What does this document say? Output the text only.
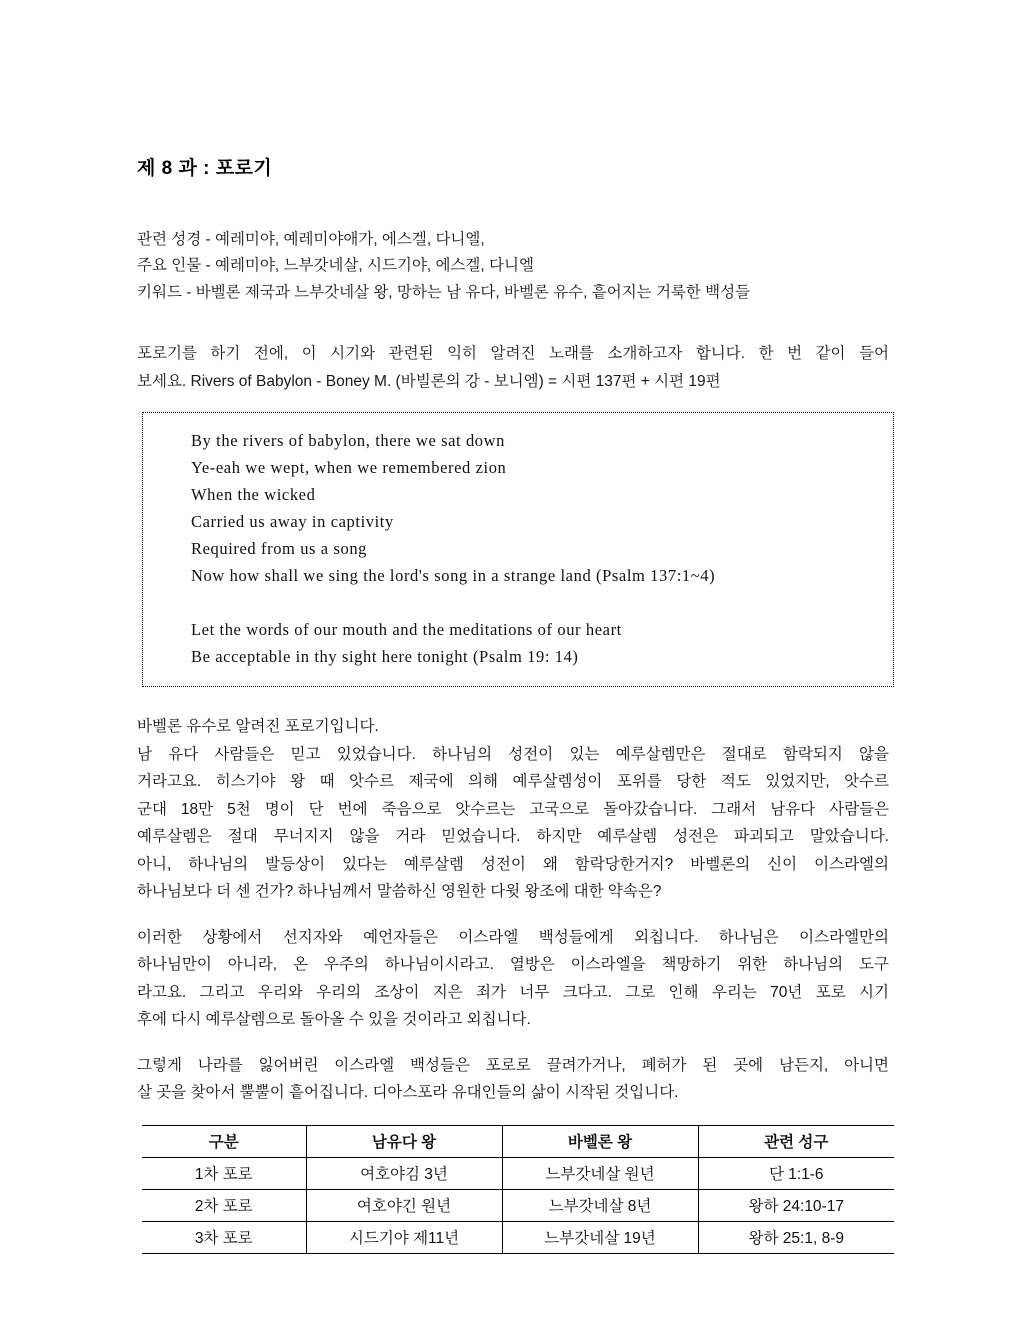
제 8 과 : 포로기
관련 성경 - 예레미야, 예레미야애가, 에스겔, 다니엘,
주요 인물 - 예레미야, 느부갓네살, 시드기야, 에스겔, 다니엘
키워드 - 바벨론 제국과 느부갓네살 왕, 망하는 남 유다, 바벨론 유수, 흩어지는 거룩한 백성들
포로기를 하기 전에, 이 시기와 관련된 익히 알려진 노래를 소개하고자 합니다. 한 번 같이 들어
보세요. Rivers of Babylon - Boney M. (바빌론의 강 - 보니엠) = 시편 137편 + 시편 19편
By the rivers of babylon, there we sat down
Ye-eah we wept, when we remembered zion
When the wicked
Carried us away in captivity
Required from us a song
Now how shall we sing the lord's song in a strange land (Psalm 137:1~4)

Let the words of our mouth and the meditations of our heart
Be acceptable in thy sight here tonight (Psalm 19: 14)
바벨론 유수로 알려진 포로기입니다.
남 유다 사람들은 믿고 있었습니다. 하나님의 성전이 있는 예루살렘만은 절대로 함락되지 않을
거라고요. 히스기야 왕 때 앗수르 제국에 의해 예루살렘성이 포위를 당한 적도 있었지만, 앗수르
군대 18만 5천 명이 단 번에 죽음으로 앗수르는 고국으로 돌아갔습니다. 그래서 남유다 사람들은
예루살렘은 절대 무너지지 않을 거라 믿었습니다. 하지만 예루살렘 성전은 파괴되고 말았습니다.
아니, 하나님의 발등상이 있다는 예루살렘 성전이 왜 함락당한거지? 바벨론의 신이 이스라엘의
하나님보다 더 센 건가? 하나님께서 말씀하신 영원한 다윗 왕조에 대한 약속은?
이러한 상황에서 선지자와 예언자들은 이스라엘 백성들에게 외칩니다. 하나님은 이스라엘만의
하나님만이 아니라, 온 우주의 하나님이시라고. 열방은 이스라엘을 책망하기 위한 하나님의 도구
라고요. 그리고 우리와 우리의 조상이 지은 죄가 너무 크다고. 그로 인해 우리는 70년 포로 시기
후에 다시 예루살렘으로 돌아올 수 있을 것이라고 외칩니다.
그렇게 나라를 잃어버린 이스라엘 백성들은 포로로 끌려가거나, 폐허가 된 곳에 남든지, 아니면
살 곳을 찾아서 뿔뿔이 흩어집니다. 디아스포라 유대인들의 삶이 시작된 것입니다.
구분	남유다 왕	바벨론 왕	관련 성구
1차 포로	여호야김 3년	느부갓네살 원년	단 1:1-6
2차 포로	여호야긴 원년	느부갓네살 8년	왕하 24:10-17
3차 포로	시드기야 제11년	느부갓네살 19년	왕하 25:1, 8-9
